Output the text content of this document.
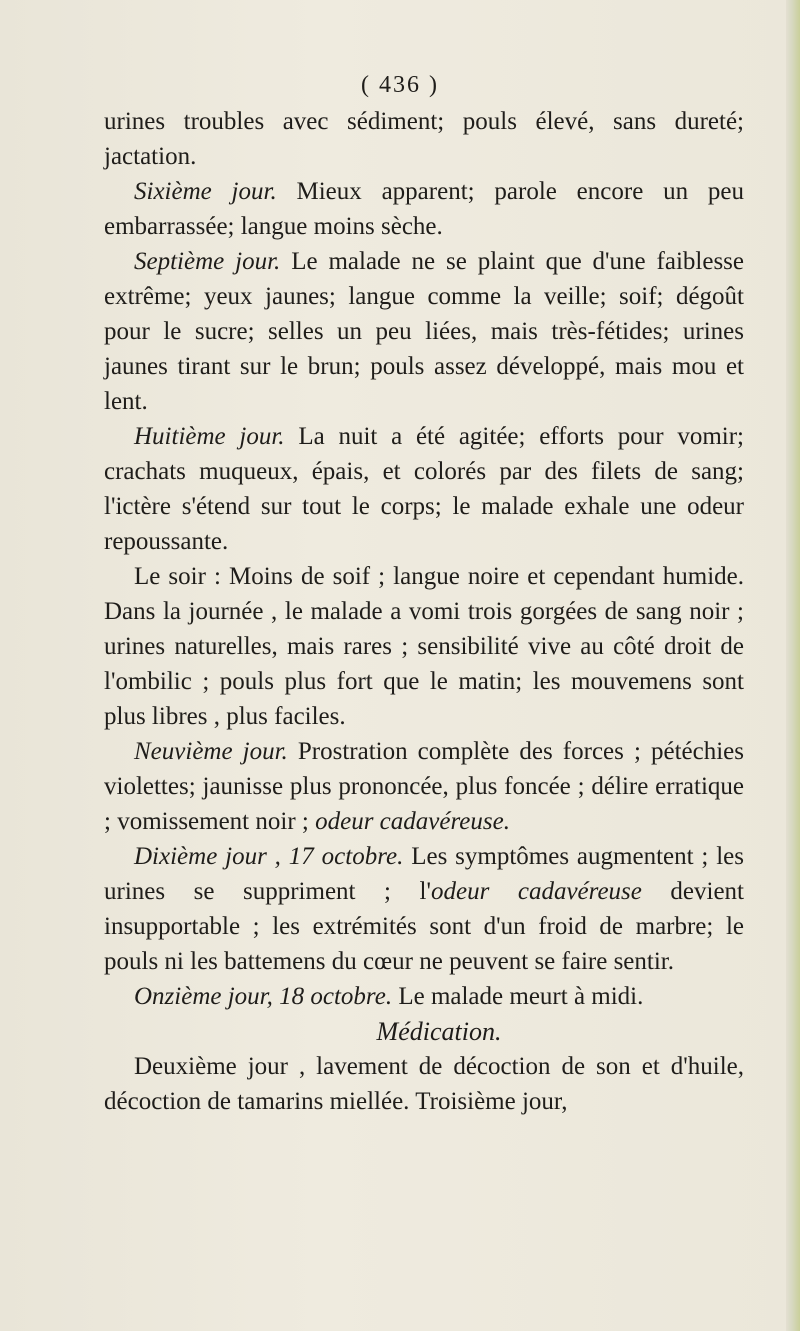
( 436 )

urines troubles avec sédiment; pouls élevé, sans dureté; jactation.

Sixième jour. Mieux apparent; parole encore un peu embarrassée; langue moins sèche.

Septième jour. Le malade ne se plaint que d'une faiblesse extrême; yeux jaunes; langue comme la veille; soif; dégoût pour le sucre; selles un peu liées, mais très-fétides; urines jaunes tirant sur le brun; pouls assez développé, mais mou et lent.

Huitième jour. La nuit a été agitée; efforts pour vomir; crachats muqueux, épais, et colorés par des filets de sang; l'ictère s'étend sur tout le corps; le malade exhale une odeur repoussante.

Le soir : Moins de soif ; langue noire et cependant humide. Dans la journée , le malade a vomi trois gorgées de sang noir ; urines naturelles, mais rares ; sensibilité vive au côté droit de l'ombilic ; pouls plus fort que le matin; les mouvemens sont plus libres , plus faciles.

Neuvième jour. Prostration complète des forces ; pétéchies violettes; jaunisse plus prononcée, plus foncée ; délire erratique ; vomissement noir ; odeur cadavéreuse.

Dixième jour , 17 octobre. Les symptômes augmentent ; les urines se suppriment ; l'odeur cadavéreuse devient insupportable ; les extrémités sont d'un froid de marbre; le pouls ni les battemens du cœur ne peuvent se faire sentir.

Onzième jour, 18 octobre. Le malade meurt à midi.

Médication.

Deuxième jour , lavement de décoction de son et d'huile, décoction de tamarins miellée. Troisième jour,
